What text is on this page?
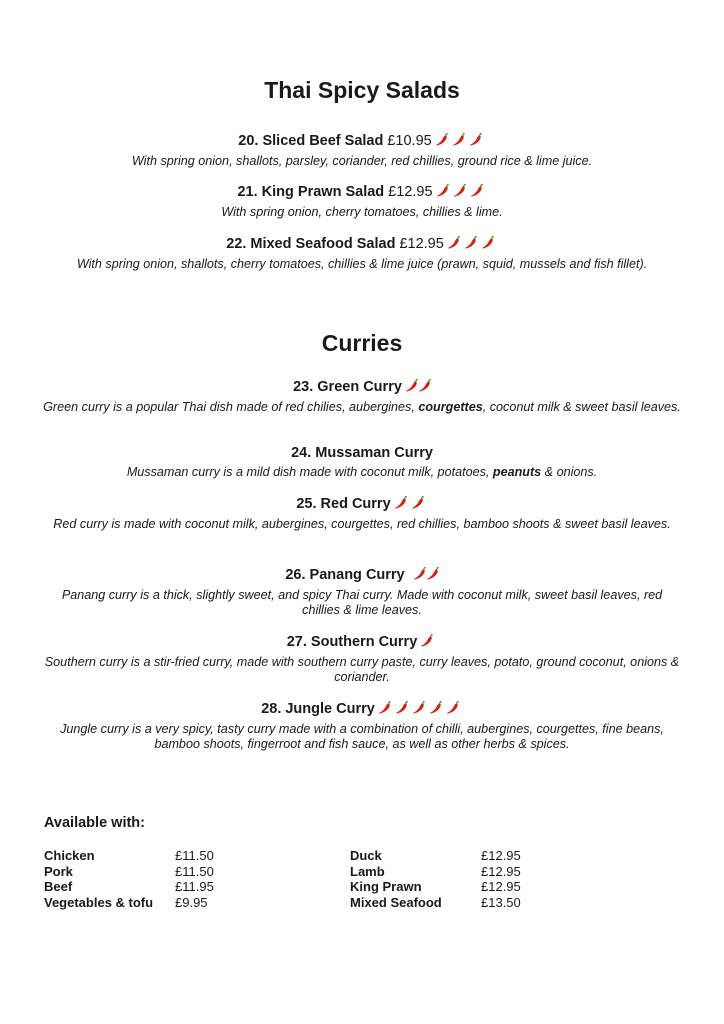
Thai Spicy Salads
20. Sliced Beef Salad £10.95
With spring onion, shallots, parsley, coriander, red chillies, ground rice & lime juice.
21. King Prawn Salad £12.95
With spring onion, cherry tomatoes, chillies & lime.
22. Mixed Seafood Salad £12.95
With spring onion, shallots, cherry tomatoes, chillies & lime juice (prawn, squid, mussels and fish fillet).
Curries
23. Green Curry
Green curry is a popular Thai dish made of red chilies, aubergines, courgettes, coconut milk & sweet basil leaves.
24. Mussaman Curry
Mussaman curry is a mild dish made with coconut milk, potatoes, peanuts & onions.
25. Red Curry
Red curry is made with coconut milk, aubergines, courgettes, red chillies, bamboo shoots & sweet basil leaves.
26. Panang Curry
Panang curry is a thick, slightly sweet, and spicy Thai curry. Made with coconut milk, sweet basil leaves, red chillies & lime leaves.
27. Southern Curry
Southern curry is a stir-fried curry, made with southern curry paste, curry leaves, potato, ground coconut, onions & coriander.
28. Jungle Curry
Jungle curry is a very spicy, tasty curry made with a combination of chilli, aubergines, courgettes, fine beans, bamboo shoots, fingerroot and fish sauce, as well as other herbs & spices.
Available with:
Chicken	£11.50
Pork	£11.50
Beef	£11.95
Vegetables & tofu	£9.95
Duck	£12.95
Lamb	£12.95
King Prawn	£12.95
Mixed Seafood	£13.50
